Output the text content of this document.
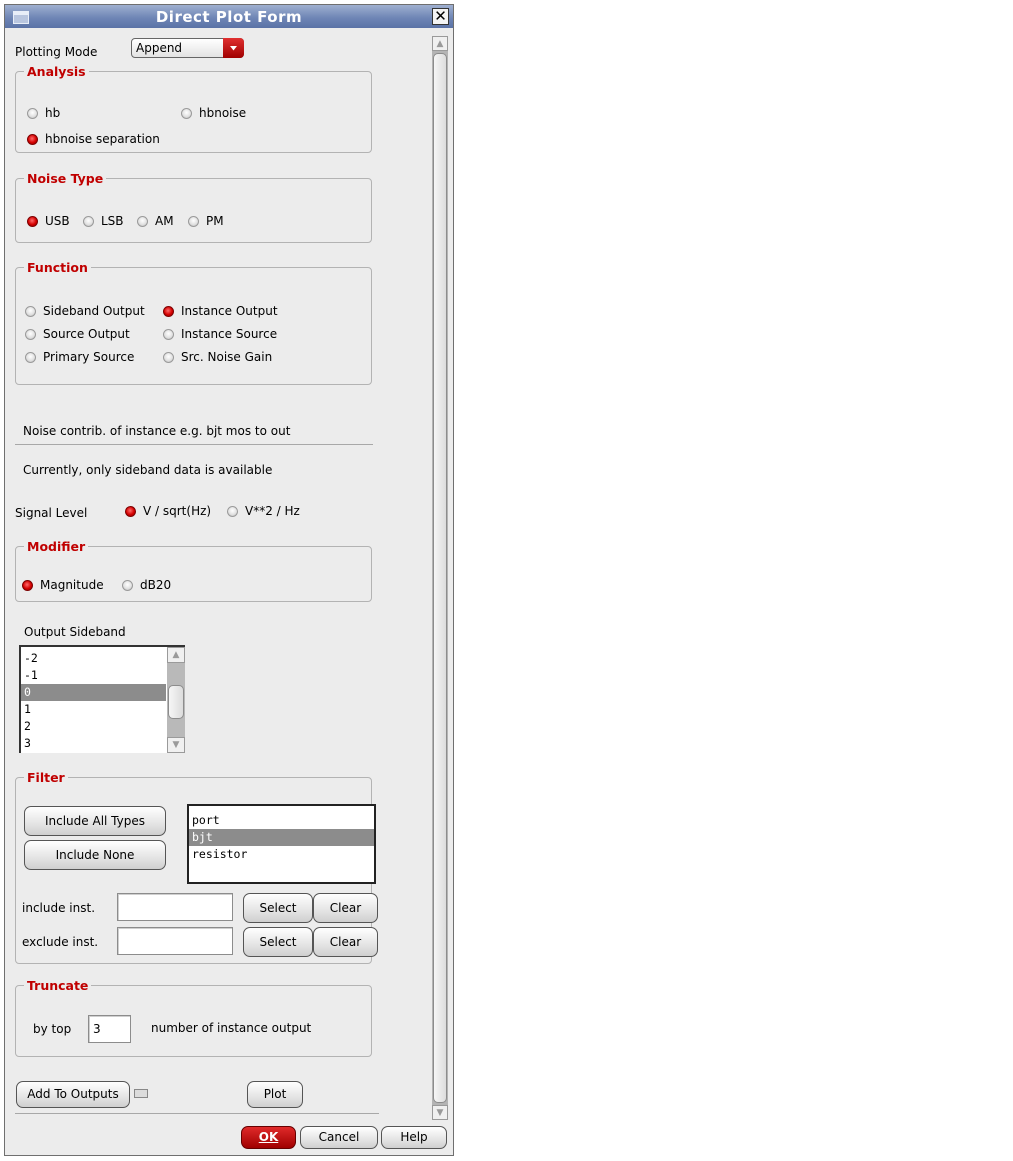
Direct Plot Form	✕
Plotting Mode	Append
Analysis
hb	hbnoise
hbnoise separation
Noise Type
USB	LSB	AM	PM
Function
Sideband Output	Instance Output
Source Output	Instance Source
Primary Source	Src. Noise Gain
Noise contrib. of instance e.g. bjt mos to out
Currently, only sideband data is available
Signal Level	V / sqrt(Hz)	V**2 / Hz
Modifier
Magnitude	dB20
Output Sideband
-2
-1
0
1
2
3
▲
▼
Filter
Include All Types
Include None
port
bjt
resistor
include inst.	Select	Clear
exclude inst.	Select	Clear
Truncate
by top
3	number of instance output
Add To Outputs	Plot
OK	Cancel	Help
▲
▼
